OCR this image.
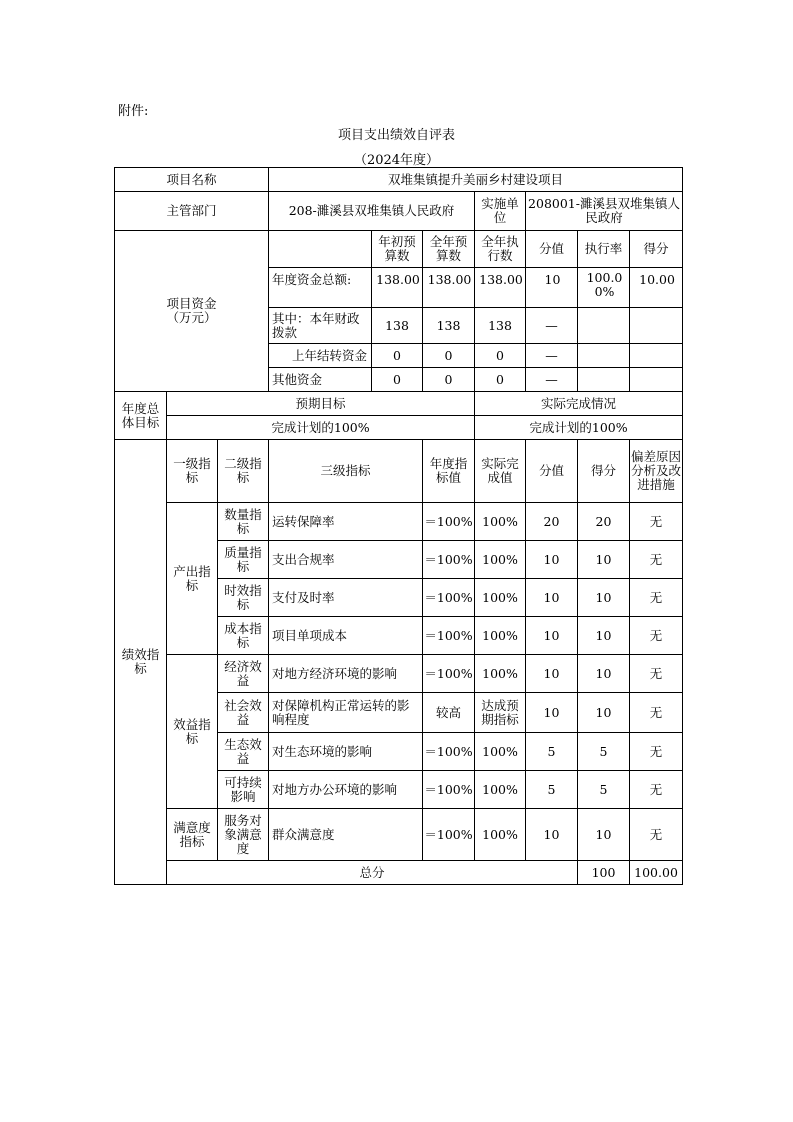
附件:
项目支出绩效自评表
（2024年度）
项目名称			双堆集镇提升美丽乡村建设项目							
主管部门			208-濉溪县双堆集镇人民政府			实施单位	208001-濉溪县双堆集镇人民政府			
项目资金
（万元）				年初预算数	全年预算数	全年执行数	分值	执行率	得分	
			年度资金总额:	138.00	138.00	138.00	10	100.00%	10.00	
			其中：本年财政拨款	138	138	138	—			
			上年结转资金	0	0	0	—			
			其他资金	0	0	0	—			
年度总体目标	预期目标					实际完成情况				
	完成计划的100%					完成计划的100%				
绩效指标	一级指标	二级指标	三级指标		年度指标值	实际完成值	分值	得分	偏差原因分析及改进措施	
	产出指标	数量指标	运转保障率		＝100%	100%	20	20	无	
		质量指标	支出合规率		＝100%	100%	10	10	无	
		时效指标	支付及时率		＝100%	100%	10	10	无	
		成本指标	项目单项成本		＝100%	100%	10	10	无	
	效益指标	经济效益	对地方经济环境的影响		＝100%	100%	10	10	无	
		社会效益	对保障机构正常运转的影响程度		较高	达成预期指标	10	10	无	
		生态效益	对生态环境的影响		＝100%	100%	5	5	无	
		可持续影响	对地方办公环境的影响		＝100%	100%	5	5	无	
	满意度指标	服务对象满意度	群众满意度		＝100%	100%	10	10	无	
	总分							100	100.00	
